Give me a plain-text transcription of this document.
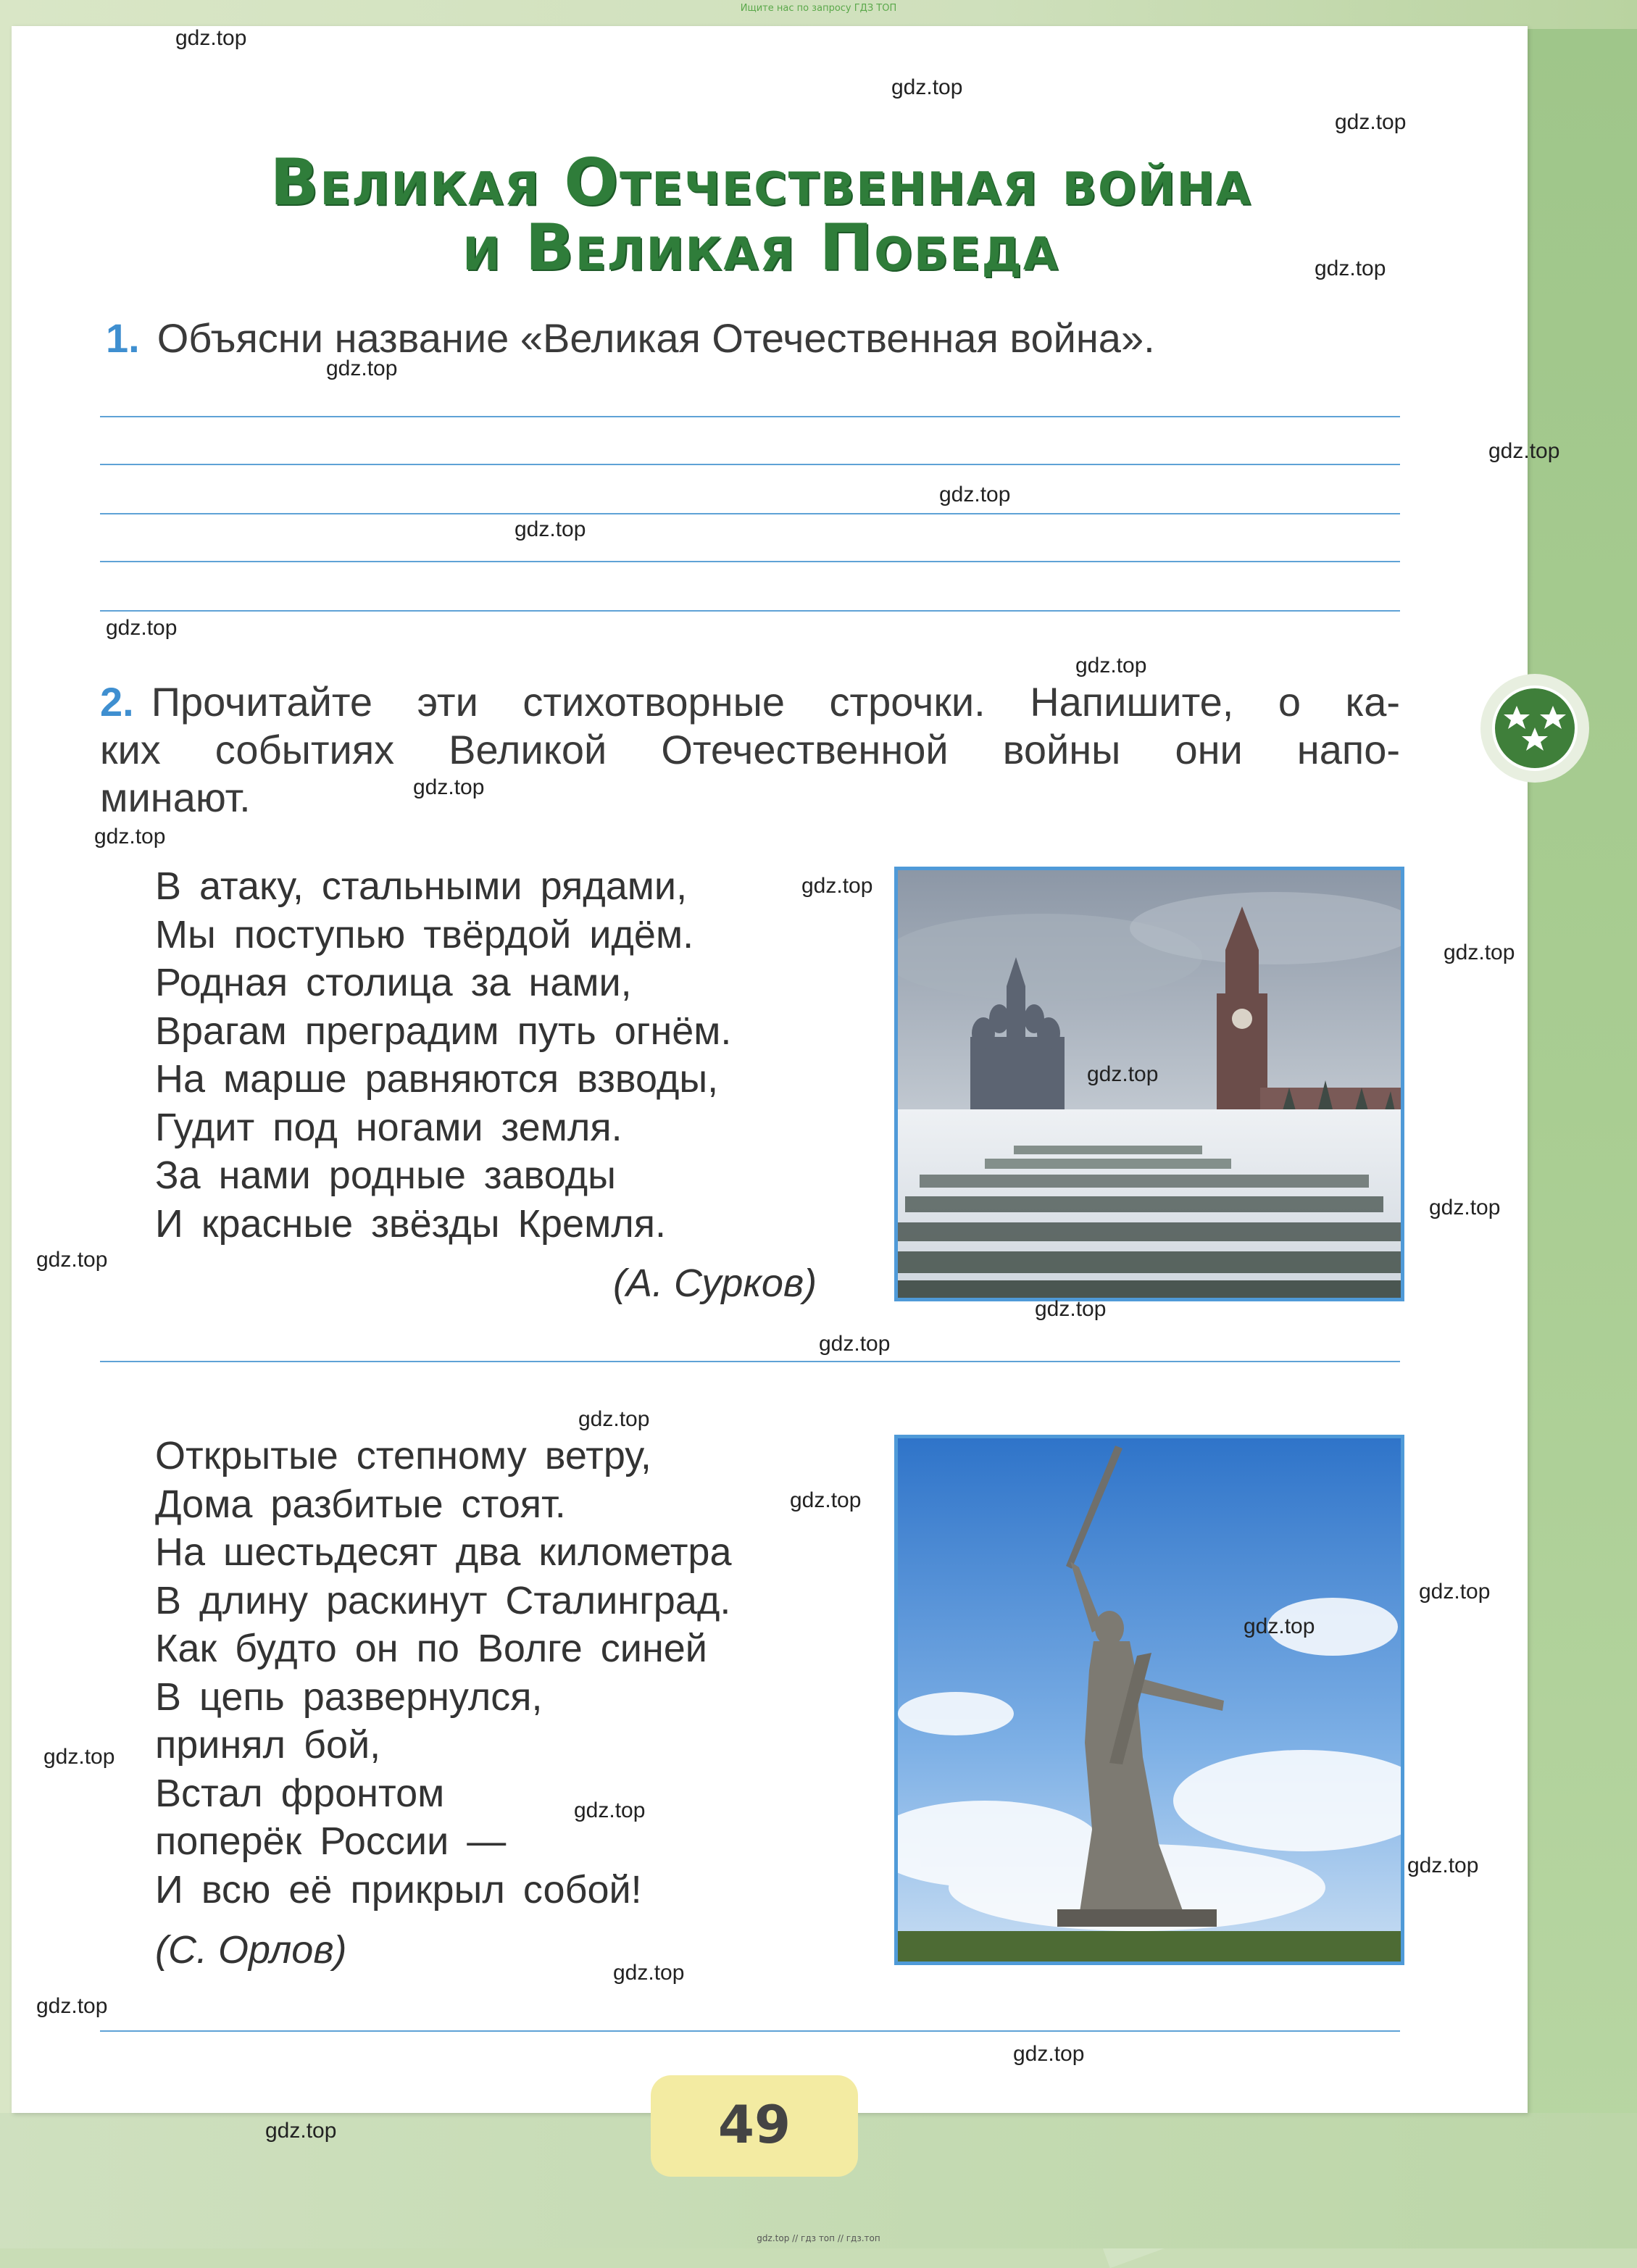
Ищите нас по запросу ГДЗ ТОП
Великая Отечественная война
и Великая Победа
1. Объясни название «Великая Отечественная война».
2. Прочитайте эти стихотворные строчки. Напишите, о ка-
ких событиях Великой Отечественной войны они напо-
минают.
В атаку, стальными рядами,
Мы поступью твёрдой идём.
Родная столица за нами,
Врагам преградим путь огнём.
На марше равняются взводы,
Гудит под ногами земля.
За нами родные заводы
И красные звёзды Кремля.
(А. Сурков)
Открытые степному ветру,
Дома разбитые стоят.
На шестьдесят два километра
В длину раскинут Сталинград.
Как будто он по Волге синей
В цепь развернулся,
принял бой,
Встал фронтом
поперёк России —
И всю её прикрыл собой!
(С. Орлов)
49
gdz.top // гдз топ // гдз.топ
gdz.top
gdz.top
gdz.top
gdz.top
gdz.top
gdz.top
gdz.top
gdz.top
gdz.top
gdz.top
gdz.top
gdz.top
gdz.top
gdz.top
gdz.top
gdz.top
gdz.top
gdz.top
gdz.top
gdz.top
gdz.top
gdz.top
gdz.top
gdz.top
gdz.top
gdz.top
gdz.top
gdz.top
gdz.top
gdz.top
